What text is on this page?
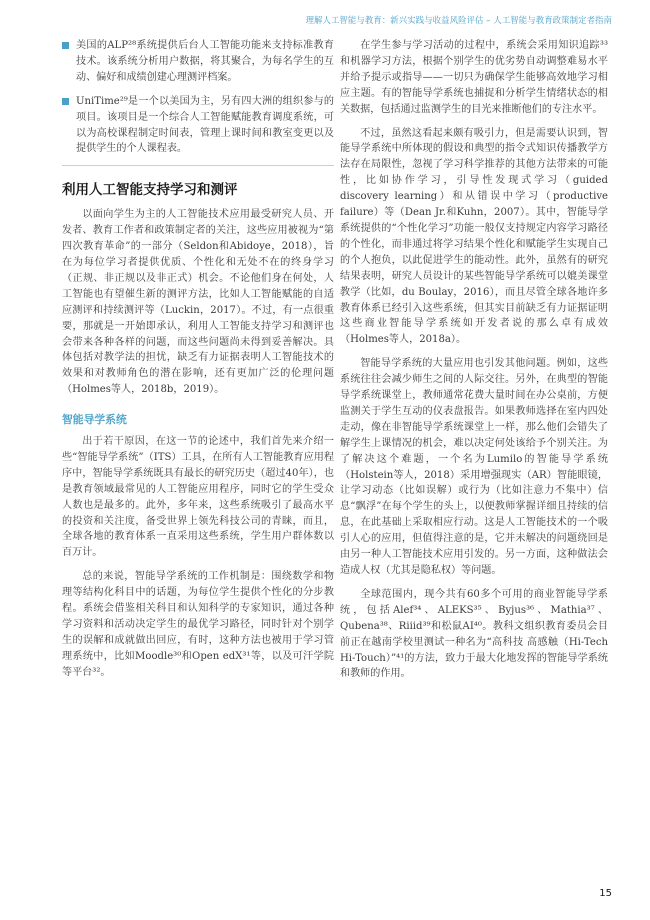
理解人工智能与教育：新兴实践与收益风险评估 – 人工智能与教育政策制定者指南
美国的ALP²⁸系统提供后台人工智能功能来支持标准教育技术。该系统分析用户数据，将其聚合，为每名学生的互动、偏好和成绩创建心理测评档案。
UniTime²⁹是一个以美国为主，另有四大洲的组织参与的项目。该项目是一个综合人工智能赋能教育调度系统，可以为高校课程制定时间表，管理上课时间和教室变更以及提供学生的个人课程表。
利用人工智能支持学习和测评

以面向学生为主的人工智能技术应用最受研究人员、开发者、教育工作者和政策制定者的关注，这些应用被视为“第四次教育革命”的一部分（Seldon和Abidoye，2018），旨在为每位学习者提供优质、个性化和无处不在的终身学习（正规、非正规以及非正式）机会。不论他们身在何处，人工智能也有望催生新的测评方法，比如人工智能赋能的自适应测评和持续测评等（Luckin，2017）。不过，有一点很重要，那就是一开始即承认，利用人工智能支持学习和测评也会带来各种各样的问题，而这些问题尚未得到妥善解决。具体包括对教学法的担忧，缺乏有力证据表明人工智能技术的效果和对教师角色的潜在影响，还有更加广泛的伦理问题（Holmes等人，2018b，2019）。

智能导学系统

出于若干原因，在这一节的论述中，我们首先来介绍一些“智能导学系统”（ITS）工具，在所有人工智能教育应用程序中，智能导学系统既具有最长的研究历史（超过40年），也是教育领域最常见的人工智能应用程序，同时它的学生受众人数也是最多的。此外，多年来，这些系统吸引了最高水平的投资和关注度，备受世界上领先科技公司的青睐，而且，全球各地的教育体系一直采用这些系统，学生用户群体数以百万计。

总的来说，智能导学系统的工作机制是：围绕数学和物理等结构化科目中的话题，为每位学生提供个性化的分步教程。系统会借鉴相关科目和认知科学的专家知识，通过各种学习资料和活动决定学生的最优学习路径，同时针对个别学生的误解和成就做出回应，有时，这种方法也被用于学习管理系统中，比如Moodle³⁰和Open edX³¹等，以及可汗学院等平台³²。

在学生参与学习活动的过程中，系统会采用知识追踪³³和机器学习方法，根据个别学生的优劣势自动调整难易水平并给予提示或指导——一切只为确保学生能够高效地学习相应主题。有的智能导学系统也捕捉和分析学生情绪状态的相关数据，包括通过监测学生的目光来推断他们的专注水平。

不过，虽然这看起来颇有吸引力，但是需要认识到，智能导学系统中所体现的假设和典型的指令式知识传播教学方法存在局限性，忽视了学习科学推荐的其他方法带来的可能性，比如协作学习，引导性发现式学习（guided discovery learning）和从错误中学习（productive failure）等（Dean Jr.和Kuhn，2007）。其中，智能导学系统提供的“个性化学习”功能一般仅支持规定内容学习路径的个性化，而非通过将学习结果个性化和赋能学生实现自己的个人抱负，以此促进学生的能动性。此外，虽然有的研究结果表明，研究人员设计的某些智能导学系统可以媲美课堂教学（比如，du Boulay，2016），而且尽管全球各地许多教育体系已经引入这些系统，但其实目前缺乏有力证据证明这些商业智能导学系统如开发者说的那么卓有成效（Holmes等人，2018a）。

智能导学系统的大量应用也引发其他问题。例如，这些系统往往会减少师生之间的人际交往。另外，在典型的智能导学系统课堂上，教师通常花费大量时间在办公桌前，方便监测关于学生互动的仪表盘报告。如果教师选择在室内四处走动，像在非智能导学系统课堂上一样，那么他们会错失了解学生上课情况的机会，难以决定何处该给予个别关注。为了解决这个难题，一个名为Lumilo的智能导学系统（Holstein等人，2018）采用增强现实（AR）智能眼镜，让学习动态（比如误解）或行为（比如注意力不集中）信息“飘浮”在每个学生的头上，以便教师掌握详细且持续的信息，在此基础上采取相应行动。这是人工智能技术的一个吸引人心的应用，但值得注意的是，它并未解决的问题绕回是由另一种人工智能技术应用引发的。另一方面，这种做法会造成人权（尤其是隐私权）等问题。

全球范围内，现今共有60多个可用的商业智能导学系统，包括Alef³⁴、ALEKS³⁵、Byjus³⁶、Mathia³⁷、Qubena³⁸、Riiid³⁹和松鼠AI⁴⁰。教科文组织教育委员会目前正在越南学校里测试一种名为“高科技 高感触（Hi-Tech Hi-Touch）”⁴¹的方法，致力于最大化地发挥的智能导学系统和教师的作用。

15
